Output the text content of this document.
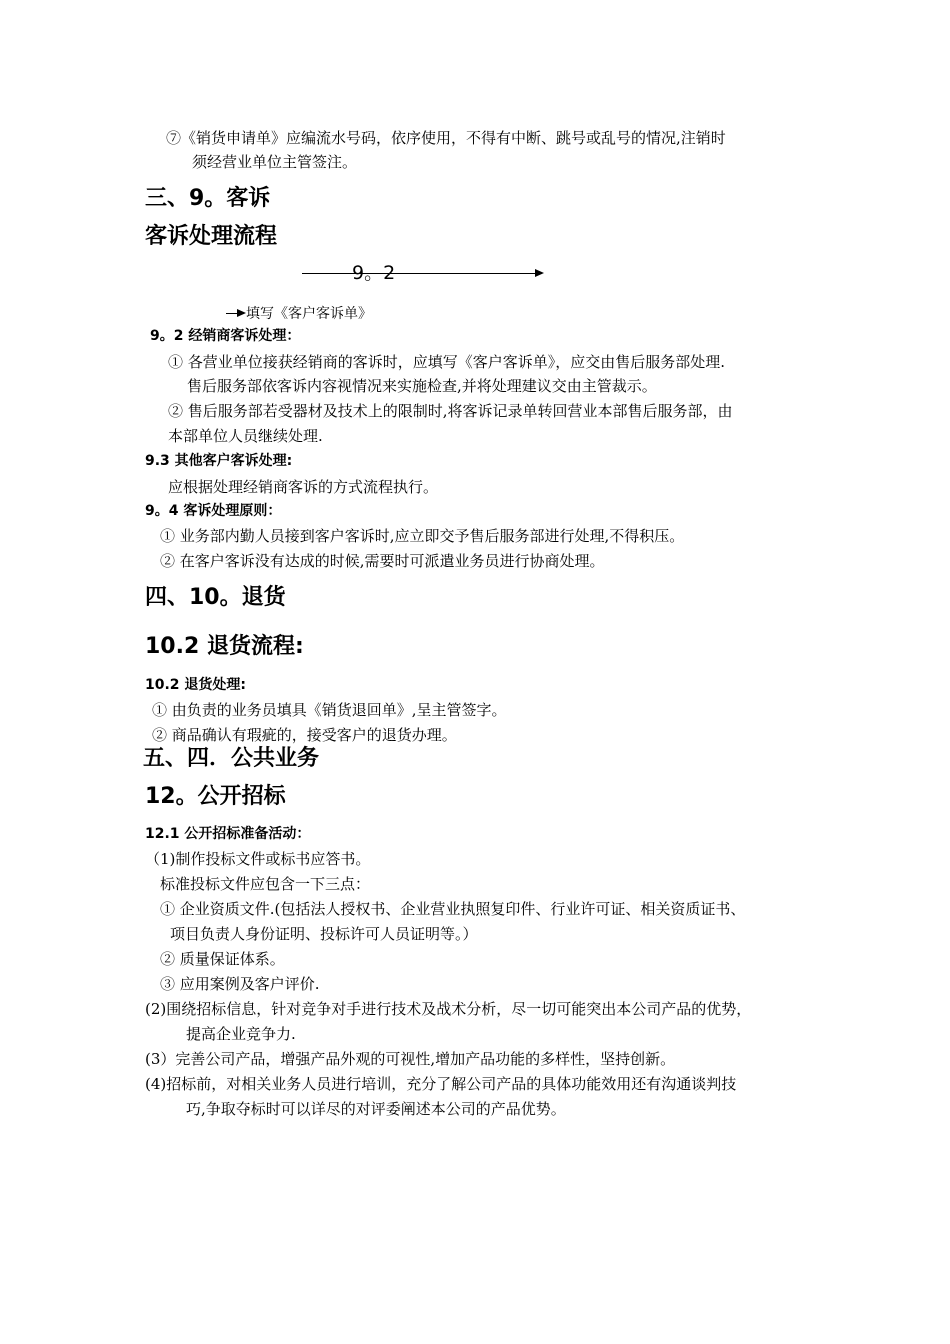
⑦《销货申请单》应编流水号码，依序使用，不得有中断、跳号或乱号的情况,注销时
须经营业单位主管签注。
三、9。客诉
客诉处理流程
9。2
填写《客户客诉单》
9。2 经销商客诉处理：
① 各营业单位接获经销商的客诉时，应填写《客户客诉单》，应交由售后服务部处理.
售后服务部依客诉内容视情况来实施检查,并将处理建议交由主管裁示。
② 售后服务部若受器材及技术上的限制时,将客诉记录单转回营业本部售后服务部，由
本部单位人员继续处理.
9.3 其他客户客诉处理:
应根据处理经销商客诉的方式流程执行。
9。4 客诉处理原则：
① 业务部内勤人员接到客户客诉时,应立即交予售后服务部进行处理,不得积压。
② 在客户客诉没有达成的时候,需要时可派遣业务员进行协商处理。
四、10。退货
10.2 退货流程:
10.2 退货处理:
① 由负责的业务员填具《销货退回单》,呈主管签字。
② 商品确认有瑕疵的，接受客户的退货办理。
五、四．公共业务
12。公开招标
12.1 公开招标准备活动：
（1)制作投标文件或标书应答书。
标准投标文件应包含一下三点：
① 企业资质文件.(包括法人授权书、企业营业执照复印件、行业许可证、相关资质证书、
项目负责人身份证明、投标许可人员证明等。）
② 质量保证体系。
③ 应用案例及客户评价.
(2)围绕招标信息，针对竞争对手进行技术及战术分析，尽一切可能突出本公司产品的优势，
提高企业竞争力.
(3）完善公司产品，增强产品外观的可视性,增加产品功能的多样性，坚持创新。
(4)招标前，对相关业务人员进行培训，充分了解公司产品的具体功能效用还有沟通谈判技
巧,争取夺标时可以详尽的对评委阐述本公司的产品优势。
